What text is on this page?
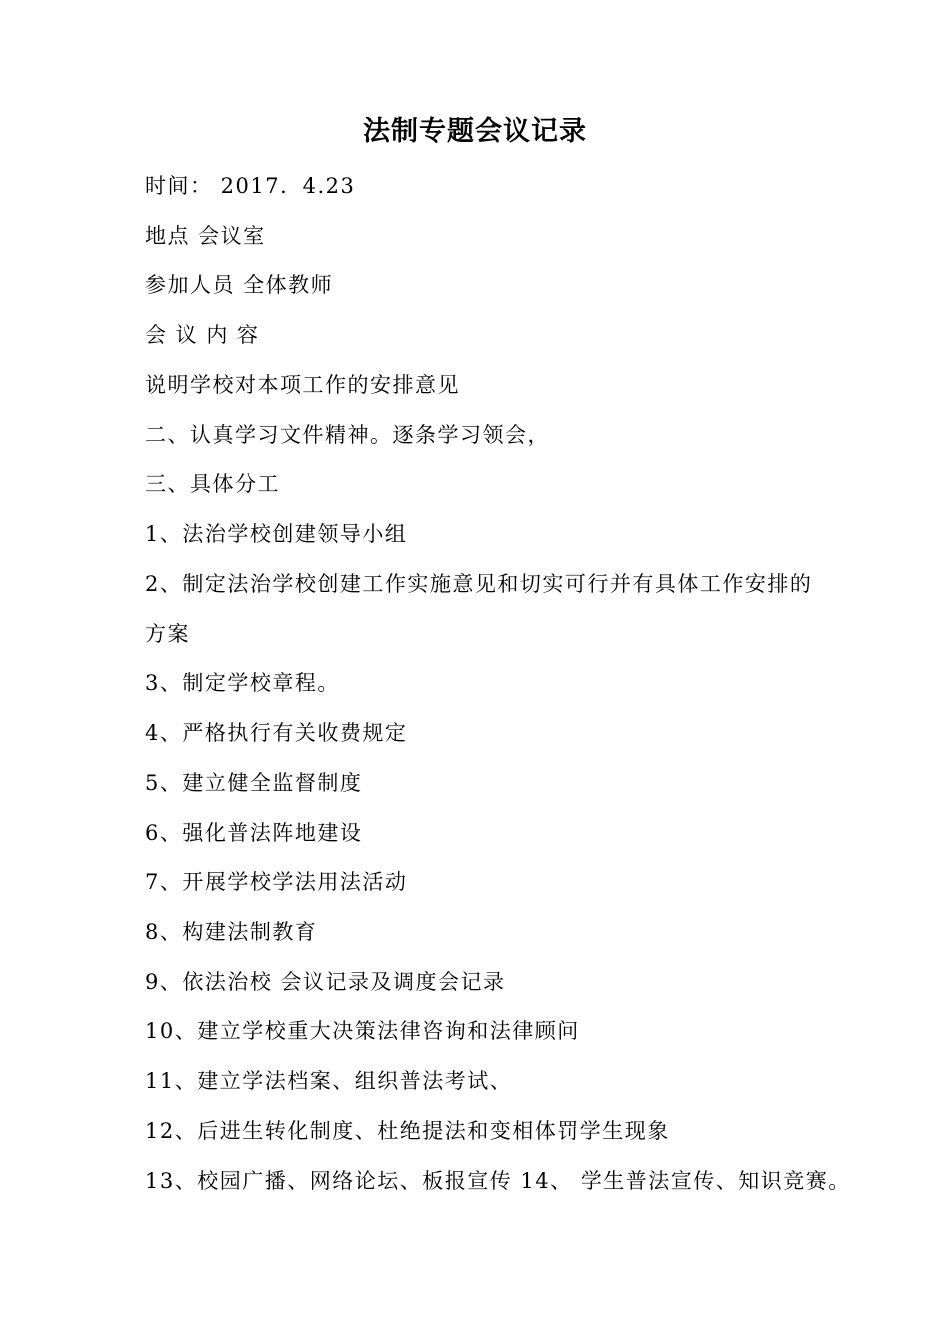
法制专题会议记录
时间： 2017．4.23
地点 会议室
参加人员 全体教师
会 议 内 容
说明学校对本项工作的安排意见
二、认真学习文件精神。逐条学习领会，
三、具体分工
1、法治学校创建领导小组
2、制定法治学校创建工作实施意见和切实可行并有具体工作安排的
方案
3、制定学校章程。
4、严格执行有关收费规定
5、建立健全监督制度
6、强化普法阵地建设
7、开展学校学法用法活动
8、构建法制教育
9、依法治校 会议记录及调度会记录
10、建立学校重大决策法律咨询和法律顾问
11、建立学法档案、组织普法考试、
12、后进生转化制度、杜绝提法和变相体罚学生现象
13、校园广播、网络论坛、板报宣传 14、 学生普法宣传、知识竞赛。
